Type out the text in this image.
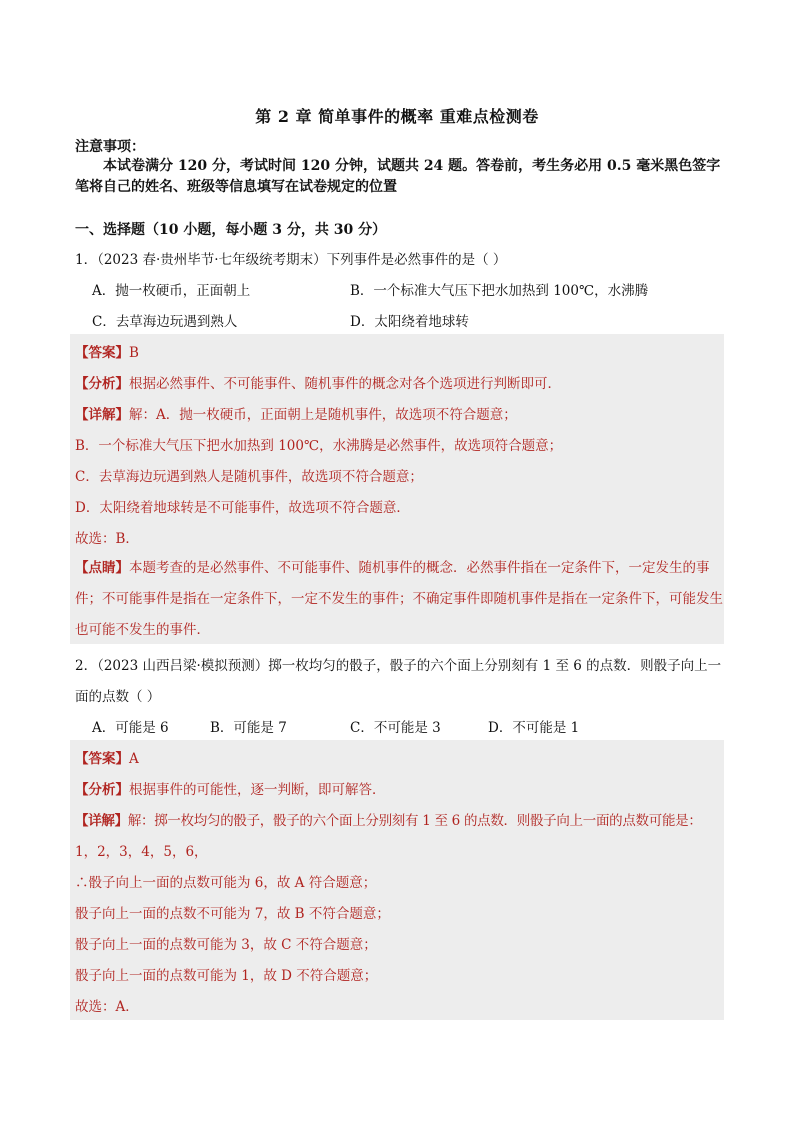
第 2 章 简单事件的概率 重难点检测卷
注意事项：
本试卷满分 120 分，考试时间 120 分钟，试题共 24 题。答卷前，考生务必用 0.5 毫米黑色签字笔将自己的姓名、班级等信息填写在试卷规定的位置
一、选择题（10 小题，每小题 3 分，共 30 分）
1．（2023 春·贵州毕节·七年级统考期末）下列事件是必然事件的是（ ）
A．抛一枚硬币，正面朝上	B．一个标准大气压下把水加热到 100℃，水沸腾
C．去草海边玩遇到熟人	D．太阳绕着地球转
【答案】B
【分析】根据必然事件、不可能事件、随机事件的概念对各个选项进行判断即可．
【详解】解：A．抛一枚硬币，正面朝上是随机事件，故选项不符合题意；
B．一个标准大气压下把水加热到 100℃，水沸腾是必然事件，故选项符合题意；
C．去草海边玩遇到熟人是随机事件，故选项不符合题意；
D．太阳绕着地球转是不可能事件，故选项不符合题意．
故选：B．
【点睛】本题考查的是必然事件、不可能事件、随机事件的概念．必然事件指在一定条件下，一定发生的事件；不可能事件是指在一定条件下，一定不发生的事件；不确定事件即随机事件是指在一定条件下，可能发生也可能不发生的事件．
2．（2023 山西吕梁·模拟预测）掷一枚均匀的骰子，骰子的六个面上分别刻有 1 至 6 的点数．则骰子向上一面的点数（ ）
A．可能是 6	B．可能是 7	C．不可能是 3	D．不可能是 1
【答案】A
【分析】根据事件的可能性，逐一判断，即可解答．
【详解】解：掷一枚均匀的骰子，骰子的六个面上分别刻有 1 至 6 的点数．则骰子向上一面的点数可能是：
1，2，3，4，5，6，
∴骰子向上一面的点数可能为 6，故 A 符合题意；
骰子向上一面的点数不可能为 7，故 B 不符合题意；
骰子向上一面的点数可能为 3，故 C 不符合题意；
骰子向上一面的点数可能为 1，故 D 不符合题意；
故选：A．
